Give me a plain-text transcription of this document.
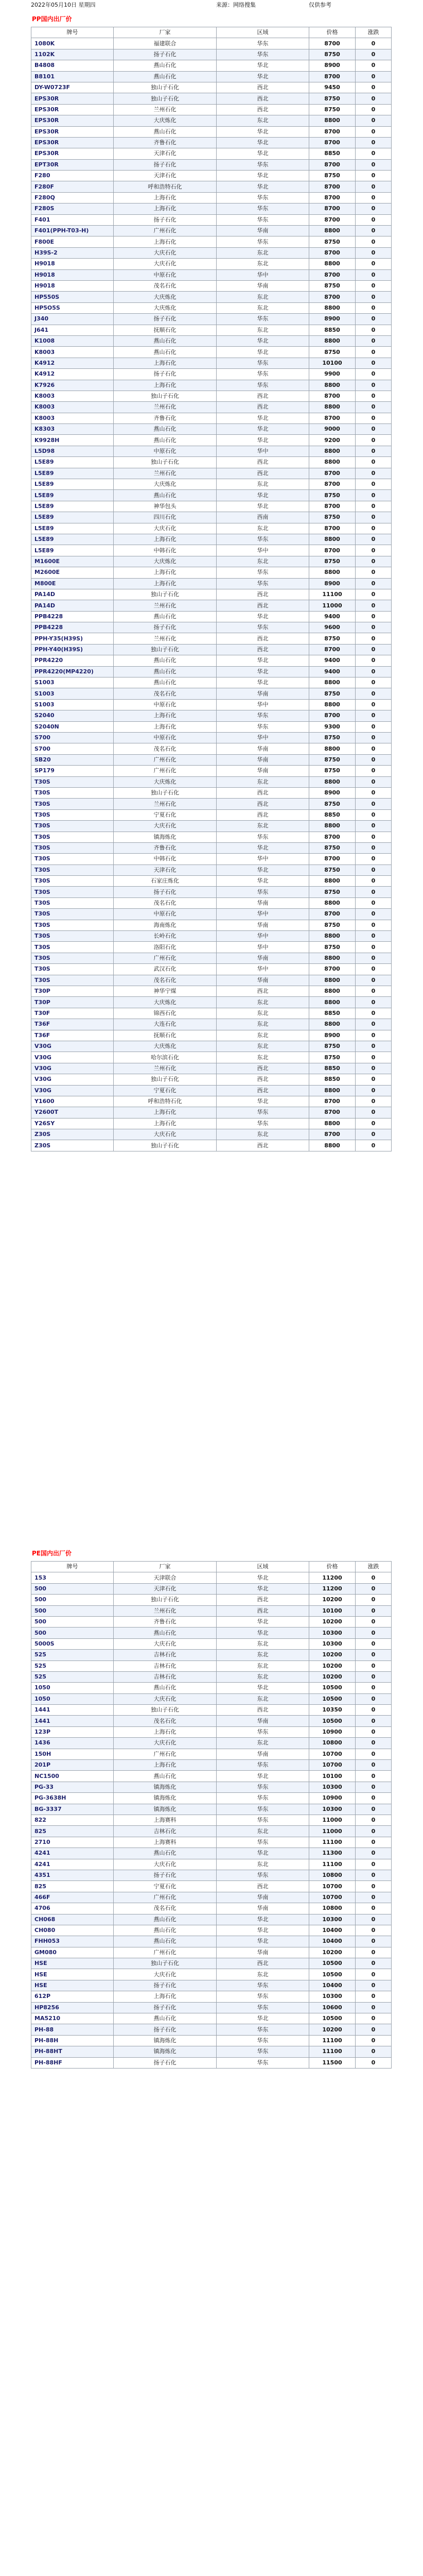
2022年05月10日 星期四	来源：网络搜集	仅供参考
PP国内出厂价
牌号	厂家	区域	价格	涨跌
1080K	福建联合	华东	8700	0
1102K	扬子石化	华东	8750	0
B4808	燕山石化	华北	8900	0
B8101	燕山石化	华北	8700	0
DY-W0723F	独山子石化	西北	9450	0
EPS30R	独山子石化	西北	8750	0
EPS30R	兰州石化	西北	8750	0
EPS30R	大庆炼化	东北	8800	0
EPS30R	燕山石化	华北	8700	0
EPS30R	齐鲁石化	华北	8700	0
EPS30R	天津石化	华北	8850	0
EPT30R	扬子石化	华东	8700	0
F280	天津石化	华北	8750	0
F280F	呼和浩特石化	华北	8700	0
F280Q	上海石化	华东	8700	0
F280S	上海石化	华东	8700	0
F401	扬子石化	华东	8700	0
F401(PPH-T03-H)	广州石化	华南	8800	0
F800E	上海石化	华东	8750	0
H39S-2	大庆石化	东北	8700	0
H9018	大庆石化	东北	8800	0
H9018	中原石化	华中	8700	0
H9018	茂名石化	华南	8750	0
HP550S	大庆炼化	东北	8700	0
HP5O5S	大庆炼化	东北	8800	0
J340	扬子石化	华东	8900	0
J641	抚顺石化	东北	8850	0
K1008	燕山石化	华北	8800	0
K8003	燕山石化	华北	8750	0
K4912	上海石化	华东	10100	0
K4912	扬子石化	华东	9900	0
K7926	上海石化	华东	8800	0
K8003	独山子石化	西北	8700	0
K8003	兰州石化	西北	8800	0
K8003	齐鲁石化	华北	8700	0
K8303	燕山石化	华北	9000	0
K9928H	燕山石化	华北	9200	0
L5D98	中原石化	华中	8800	0
L5E89	独山子石化	西北	8800	0
L5E89	兰州石化	西北	8700	0
L5E89	大庆炼化	东北	8700	0
L5E89	燕山石化	华北	8750	0
L5E89	神华包头	华北	8700	0
L5E89	四川石化	西南	8750	0
L5E89	大庆石化	东北	8700	0
L5E89	上海石化	华东	8800	0
L5E89	中韩石化	华中	8700	0
M1600E	大庆炼化	东北	8750	0
M2600E	上海石化	华东	8800	0
M800E	上海石化	华东	8900	0
PA14D	独山子石化	西北	11100	0
PA14D	兰州石化	西北	11000	0
PPB4228	燕山石化	华北	9400	0
PPB4228	扬子石化	华东	9600	0
PPH-Y35(H39S)	兰州石化	西北	8750	0
PPH-Y40(H39S)	独山子石化	西北	8700	0
PPR4220	燕山石化	华北	9400	0
PPR4220(MP4220)	燕山石化	华北	9400	0
S1003	燕山石化	华北	8800	0
S1003	茂名石化	华南	8750	0
S1003	中原石化	华中	8800	0
S2040	上海石化	华东	8700	0
S2040N	上海石化	华东	9300	0
S700	中原石化	华中	8750	0
S700	茂名石化	华南	8800	0
SB20	广州石化	华南	8750	0
SP179	广州石化	华南	8750	0
T30S	大庆炼化	东北	8800	0
T30S	独山子石化	西北	8900	0
T30S	兰州石化	西北	8750	0
T30S	宁夏石化	西北	8850	0
T30S	大庆石化	东北	8800	0
T30S	镇海炼化	华东	8700	0
T30S	齐鲁石化	华北	8750	0
T30S	中韩石化	华中	8700	0
T30S	天津石化	华北	8750	0
T30S	石家庄炼化	华北	8800	0
T30S	扬子石化	华东	8750	0
T30S	茂名石化	华南	8800	0
T30S	中原石化	华中	8700	0
T30S	海南炼化	华南	8750	0
T30S	长岭石化	华中	8800	0
T30S	洛阳石化	华中	8750	0
T30S	广州石化	华南	8800	0
T30S	武汉石化	华中	8700	0
T30S	茂名石化	华南	8800	0
T30P	神华宁煤	西北	8800	0
T30P	大庆炼化	东北	8800	0
T30F	锦西石化	东北	8850	0
T36F	大连石化	东北	8800	0
T36F	抚顺石化	东北	8900	0
V30G	大庆炼化	东北	8750	0
V30G	哈尔滨石化	东北	8750	0
V30G	兰州石化	西北	8850	0
V30G	独山子石化	西北	8850	0
V30G	宁夏石化	西北	8800	0
Y1600	呼和浩特石化	华北	8700	0
Y2600T	上海石化	华东	8700	0
Y26SY	上海石化	华东	8800	0
Z30S	大庆石化	东北	8700	0
Z30S	独山子石化	西北	8800	0
PE国内出厂价
牌号	厂家	区域	价格	涨跌
153	天津联合	华北	11200	0
500	天津石化	华北	11200	0
500	独山子石化	西北	10200	0
500	兰州石化	西北	10100	0
500	齐鲁石化	华北	10200	0
500	燕山石化	华北	10300	0
5000S	大庆石化	东北	10300	0
525	吉林石化	东北	10200	0
525	吉林石化	东北	10200	0
525	吉林石化	东北	10200	0
1050	燕山石化	华北	10500	0
1050	大庆石化	东北	10500	0
1441	独山子石化	西北	10350	0
1441	茂名石化	华南	10500	0
123P	上海石化	华东	10900	0
1436	大庆石化	东北	10800	0
150H	广州石化	华南	10700	0
201P	上海石化	华东	10700	0
NC1500	燕山石化	华北	10100	0
PG-33	镇海炼化	华东	10300	0
PG-3638H	镇海炼化	华东	10900	0
BG-3337	镇海炼化	华东	10300	0
822	上海赛科	华东	11000	0
825	吉林石化	东北	11000	0
2710	上海赛科	华东	11100	0
4241	燕山石化	华北	11300	0
4241	大庆石化	东北	11100	0
4351	扬子石化	华东	10800	0
825	宁夏石化	西北	10700	0
466F	广州石化	华南	10700	0
4706	茂名石化	华南	10800	0
CH068	燕山石化	华北	10300	0
CH080	燕山石化	华北	10400	0
FHH053	燕山石化	华北	10400	0
GM080	广州石化	华南	10200	0
HSE	独山子石化	西北	10500	0
HSE	大庆石化	东北	10500	0
HSE	扬子石化	华东	10400	0
612P	上海石化	华东	10300	0
HP8256	扬子石化	华东	10600	0
MA5210	燕山石化	华北	10500	0
PH-88	扬子石化	华东	10200	0
PH-88H	镇海炼化	华东	11100	0
PH-88HT	镇海炼化	华东	11100	0
PH-88HF	扬子石化	华东	11500	0
